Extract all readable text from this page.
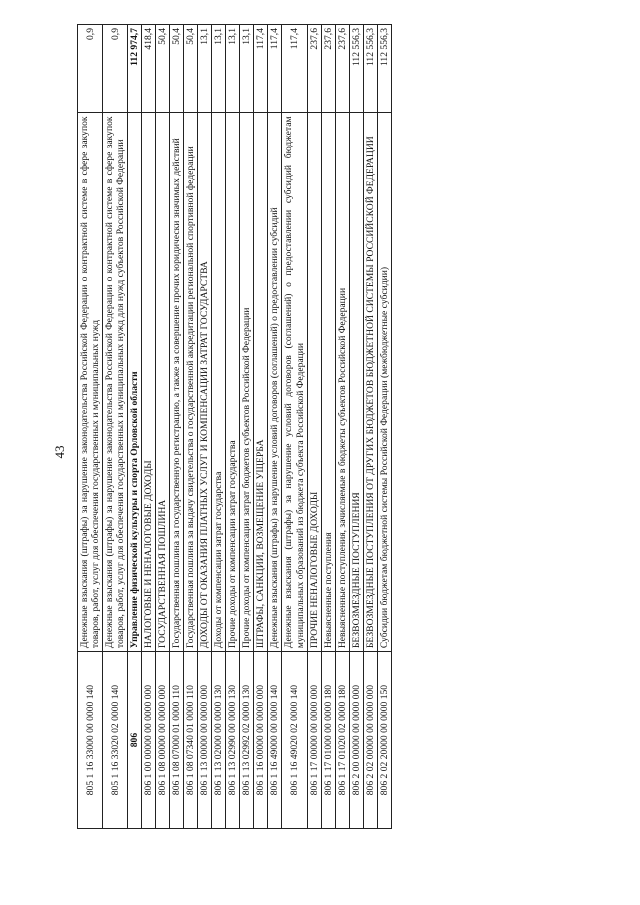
43
805 1 16 33000 00 0000 140	Денежные взыскания (штрафы) за нарушение законодательства Российской Федерации о контрактной системе в сфере закупок товаров, работ, услуг для обеспечения государственных и муниципальных нужд	0,9
805 1 16 33020 02 0000 140	Денежные взыскания (штрафы) за нарушение законодательства Российской Федерации о контрактной системе в сфере закупок товаров, работ, услуг для обеспечения государственных и муниципальных нужд для нужд субъектов Российской Федерации	0,9
806	Управление физической культуры и спорта Орловской области	112 974,7
806 1 00 00000 00 0000 000	НАЛОГОВЫЕ И НЕНАЛОГОВЫЕ ДОХОДЫ	418,4
806 1 08 00000 00 0000 000	ГОСУДАРСТВЕННАЯ ПОШЛИНА	50,4
806 1 08 07000 01 0000 110	Государственная пошлина за государственную регистрацию, а также за совершение прочих юридически значимых действий	50,4
806 1 08 07340 01 0000 110	Государственная пошлина за выдачу свидетельства о государственной аккредитации региональной спортивной федерации	50,4
806 1 13 00000 00 0000 000	ДОХОДЫ ОТ ОКАЗАНИЯ ПЛАТНЫХ УСЛУГ И КОМПЕНСАЦИИ ЗАТРАТ ГОСУДАРСТВА	13,1
806 1 13 02000 00 0000 130	Доходы от компенсации затрат государства	13,1
806 1 13 02990 00 0000 130	Прочие доходы от компенсации затрат государства	13,1
806 1 13 02992 02 0000 130	Прочие доходы от компенсации затрат бюджетов субъектов Российской Федерации	13,1
806 1 16 00000 00 0000 000	ШТРАФЫ, САНКЦИИ, ВОЗМЕЩЕНИЕ УЩЕРБА	117,4
806 1 16 49000 00 0000 140	Денежные взыскания (штрафы) за нарушение условий договоров (соглашений) о предоставлении субсидий	117,4
806 1 16 49020 02 0000 140	Денежные взыскания (штрафы) за нарушение условий договоров (соглашений) о предоставлении субсидий бюджетам муниципальных образований из бюджета субъекта Российской Федерации	117,4
806 1 17 00000 00 0000 000	ПРОЧИЕ НЕНАЛОГОВЫЕ ДОХОДЫ	237,6
806 1 17 01000 00 0000 180	Невыясненные поступления	237,6
806 1 17 01020 02 0000 180	Невыясненные поступления, зачисляемые в бюджеты субъектов Российской Федерации	237,6
806 2 00 00000 00 0000 000	БЕЗВОЗМЕЗДНЫЕ ПОСТУПЛЕНИЯ	112 556,3
806 2 02 00000 00 0000 000	БЕЗВОЗМЕЗДНЫЕ ПОСТУПЛЕНИЯ ОТ ДРУГИХ БЮДЖЕТОВ БЮДЖЕТНОЙ СИСТЕМЫ РОССИЙСКОЙ ФЕДЕРАЦИИ	112 556,3
806 2 02 20000 00 0000 150	Субсидии бюджетам бюджетной системы Российской Федерации (межбюджетные субсидии)	112 556,3
